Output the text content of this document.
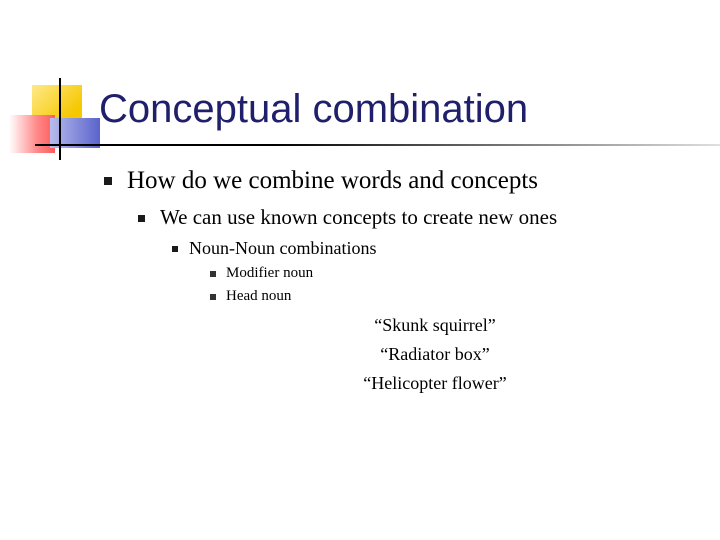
Conceptual combination
How do we combine words and concepts
We can use known concepts to create new ones
Noun-Noun combinations
Modifier noun
Head noun
“Skunk squirrel”
“Radiator box”
“Helicopter flower”
